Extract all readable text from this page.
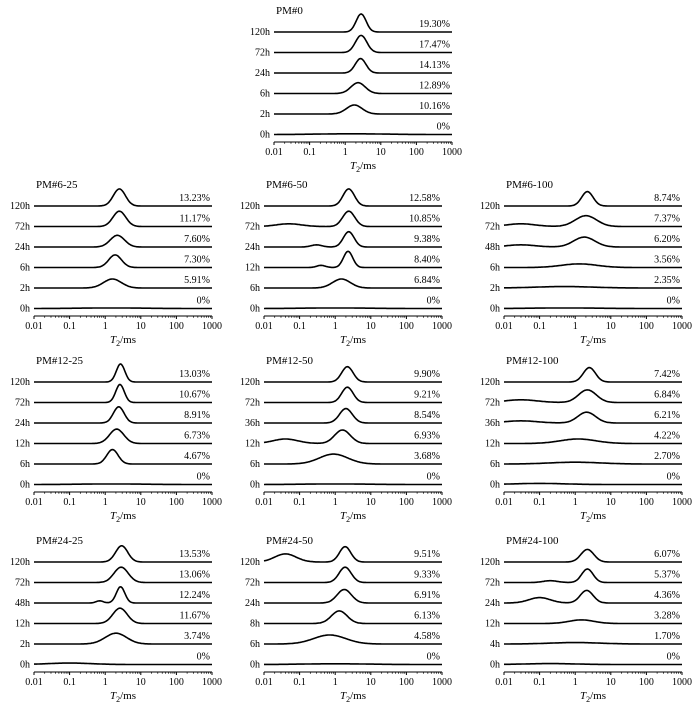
PM#0
120h
19.30%
72h
17.47%
24h
14.13%
6h
12.89%
2h
10.16%
0h
0%
0.01 0.1	1	10 100 1000
T2/ms
PM#6-25
120h
13.23%
72h
11.17%
24h
7.60%
6h
7.30%
2h
5.91%
0h
0%
0.01 0.1	1	10 100 1000
T2/ms
PM#6-50
120h
12.58%
72h
10.85%
24h
9.38%
12h
8.40%
6h
6.84%
0h
0%
0.01 0.1	1	10 100 1000
T2/ms
PM#6-100
120h
8.74%
72h
7.37%
48h
6.20%
6h
3.56%
2h
2.35%
0h
0%
0.01 0.1	1	10 100 1000
T2/ms
PM#12-25
120h
13.03%
72h
10.67%
24h
8.91%
12h
6.73%
6h
4.67%
0h
0%
0.01 0.1	1	10 100 1000
T2/ms
PM#12-50
120h
9.90%
72h
9.21%
36h
8.54%
12h
6.93%
6h
3.68%
0h
0%
0.01 0.1	1	10 100 1000
T2/ms
PM#12-100
120h
7.42%
72h
6.84%
36h
6.21%
12h
4.22%
6h
2.70%
0h
0%
0.01 0.1	1	10 100 1000
T2/ms
PM#24-25
120h
13.53%
72h
13.06%
48h
12.24%
12h
11.67%
2h
3.74%
0h
0%
0.01 0.1	1	10 100 1000
T2/ms
PM#24-50
120h
9.51%
72h
9.33%
24h
6.91%
8h
6.13%
6h
4.58%
0h
0%
0.01 0.1	1	10 100 1000
T2/ms
PM#24-100
120h
6.07%
72h
5.37%
24h
4.36%
12h
3.28%
4h
1.70%
0h
0%
0.01 0.1	1	10 100 1000
T2/ms
